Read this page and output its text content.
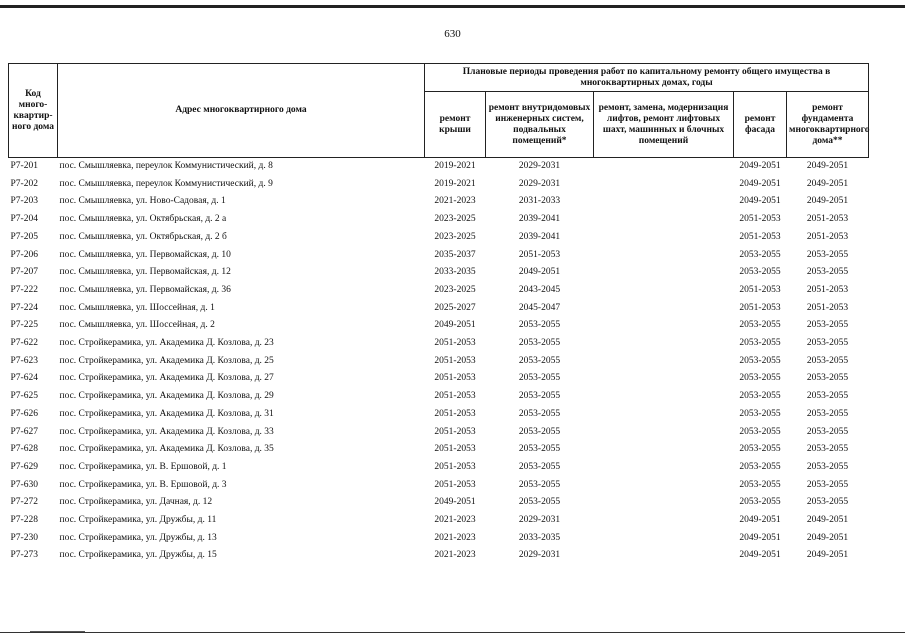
630
Код много-квартир-ного дома	Адрес многоквартирного дома	Плановые периоды проведения работ по капитальному ремонту общего имущества в многоквартирных домах, годы				
		ремонт крыши	ремонт внутридомовых инженерных систем, подвальных помещений*	ремонт, замена, модернизация лифтов, ремонт лифтовых шахт, машинных и блочных помещений	ремонт фасада	ремонт фундамента многоквартирного дома**
Р7-201	пос. Смышляевка, переулок Коммунистический, д. 8	2019-2021	2029-2031		2049-2051	2049-2051
Р7-202	пос. Смышляевка, переулок Коммунистический, д. 9	2019-2021	2029-2031		2049-2051	2049-2051
Р7-203	пос. Смышляевка, ул. Ново-Садовая, д. 1	2021-2023	2031-2033		2049-2051	2049-2051
Р7-204	пос. Смышляевка, ул. Октябрьская, д. 2 а	2023-2025	2039-2041		2051-2053	2051-2053
Р7-205	пос. Смышляевка, ул. Октябрьская, д. 2 б	2023-2025	2039-2041		2051-2053	2051-2053
Р7-206	пос. Смышляевка, ул. Первомайская, д. 10	2035-2037	2051-2053		2053-2055	2053-2055
Р7-207	пос. Смышляевка, ул. Первомайская, д. 12	2033-2035	2049-2051		2053-2055	2053-2055
Р7-222	пос. Смышляевка, ул. Первомайская, д. 36	2023-2025	2043-2045		2051-2053	2051-2053
Р7-224	пос. Смышляевка, ул. Шоссейная, д. 1	2025-2027	2045-2047		2051-2053	2051-2053
Р7-225	пос. Смышляевка, ул. Шоссейная, д. 2	2049-2051	2053-2055		2053-2055	2053-2055
Р7-622	пос. Стройкерамика, ул. Академика Д. Козлова, д. 23	2051-2053	2053-2055		2053-2055	2053-2055
Р7-623	пос. Стройкерамика, ул. Академика Д. Козлова, д. 25	2051-2053	2053-2055		2053-2055	2053-2055
Р7-624	пос. Стройкерамика, ул. Академика Д. Козлова, д. 27	2051-2053	2053-2055		2053-2055	2053-2055
Р7-625	пос. Стройкерамика, ул. Академика Д. Козлова, д. 29	2051-2053	2053-2055		2053-2055	2053-2055
Р7-626	пос. Стройкерамика, ул. Академика Д. Козлова, д. 31	2051-2053	2053-2055		2053-2055	2053-2055
Р7-627	пос. Стройкерамика, ул. Академика Д. Козлова, д. 33	2051-2053	2053-2055		2053-2055	2053-2055
Р7-628	пос. Стройкерамика, ул. Академика Д. Козлова, д. 35	2051-2053	2053-2055		2053-2055	2053-2055
Р7-629	пос. Стройкерамика, ул. В. Ершовой, д. 1	2051-2053	2053-2055		2053-2055	2053-2055
Р7-630	пос. Стройкерамика, ул. В. Ершовой, д. 3	2051-2053	2053-2055		2053-2055	2053-2055
Р7-272	пос. Стройкерамика, ул. Дачная, д. 12	2049-2051	2053-2055		2053-2055	2053-2055
Р7-228	пос. Стройкерамика, ул. Дружбы, д. 11	2021-2023	2029-2031		2049-2051	2049-2051
Р7-230	пос. Стройкерамика, ул. Дружбы, д. 13	2021-2023	2033-2035		2049-2051	2049-2051
Р7-273	пос. Стройкерамика, ул. Дружбы, д. 15	2021-2023	2029-2031		2049-2051	2049-2051
